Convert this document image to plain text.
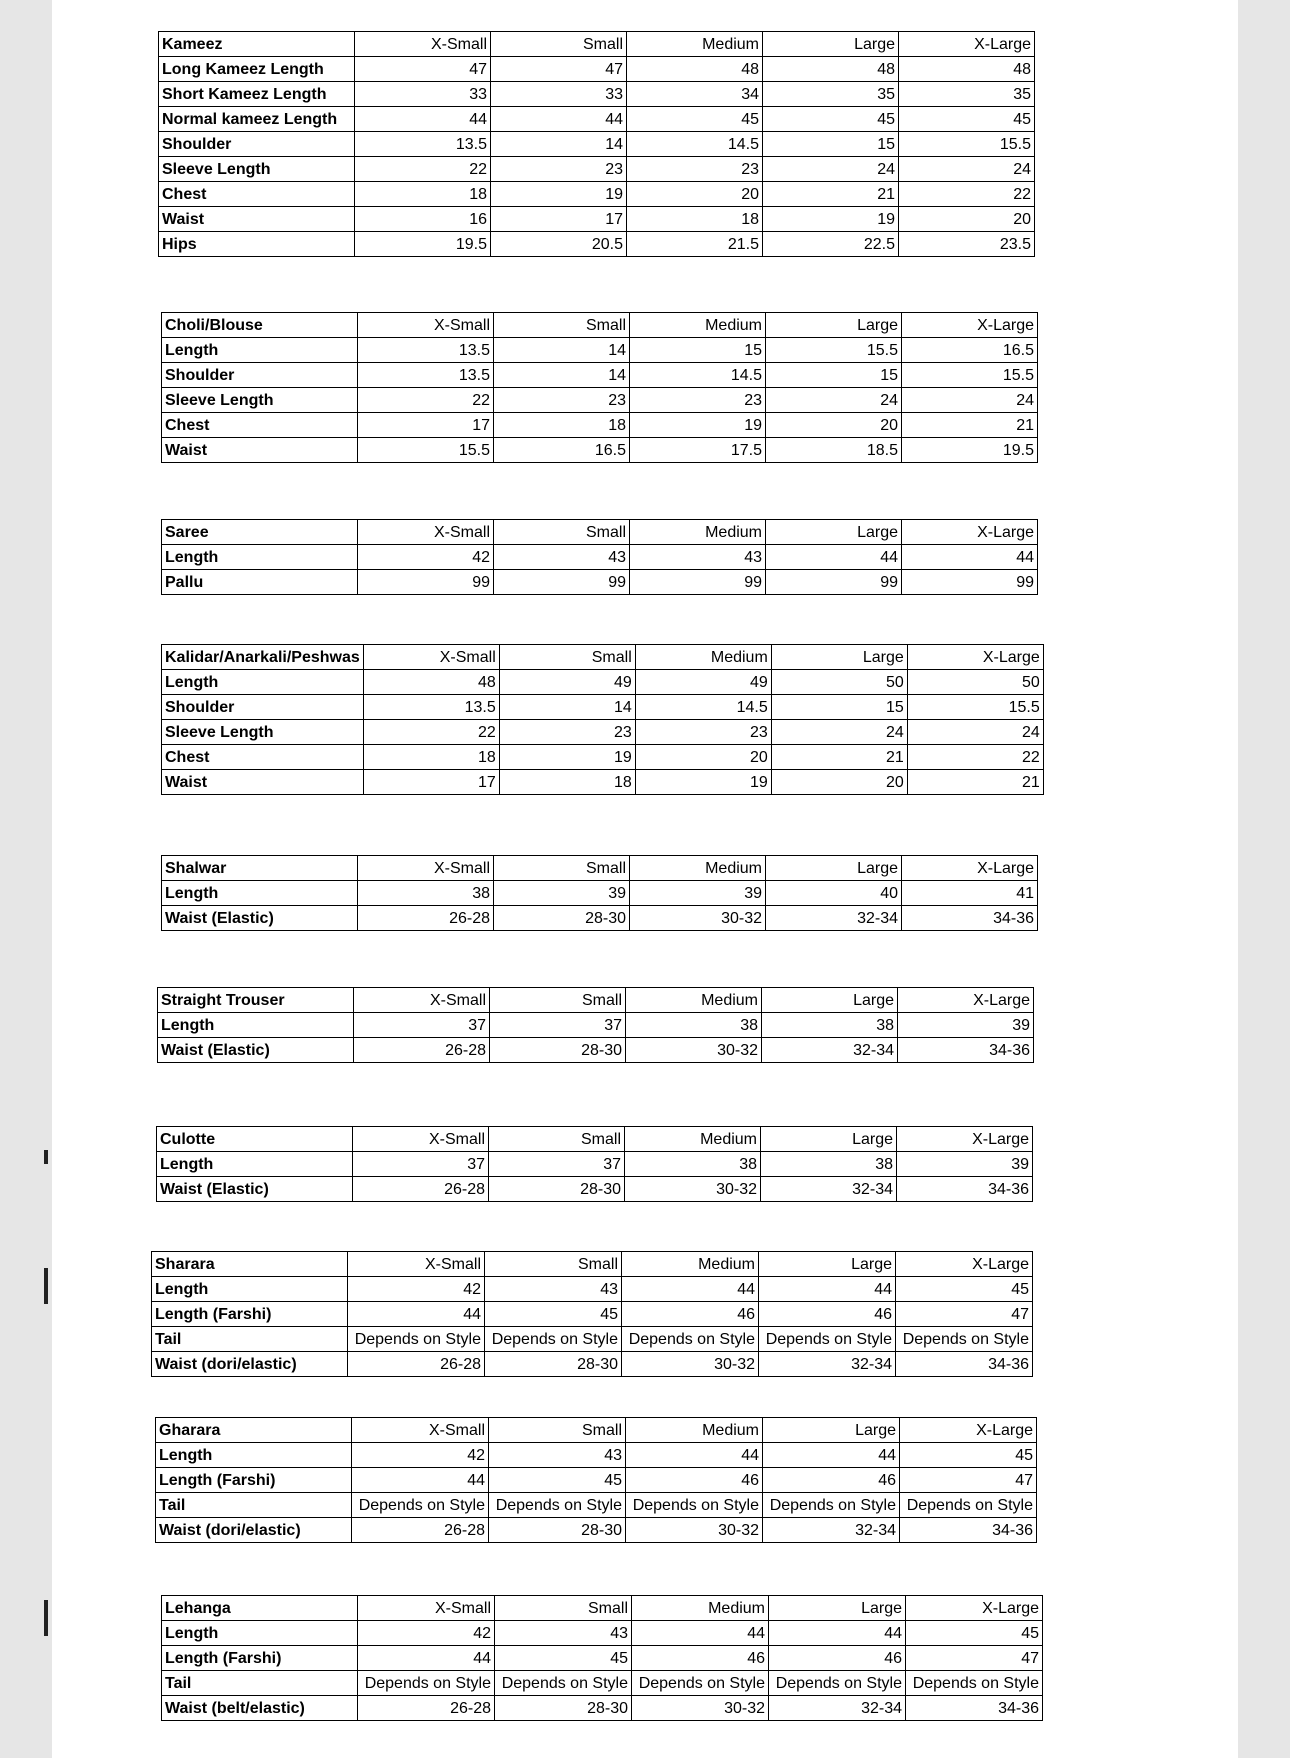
Kameez	X-Small	Small	Medium	Large	X-Large
Long Kameez Length	47	47	48	48	48
Short Kameez Length	33	33	34	35	35
Normal kameez Length	44	44	45	45	45
Shoulder	13.5	14	14.5	15	15.5
Sleeve Length	22	23	23	24	24
Chest	18	19	20	21	22
Waist	16	17	18	19	20
Hips	19.5	20.5	21.5	22.5	23.5
Choli/Blouse	X-Small	Small	Medium	Large	X-Large
Length	13.5	14	15	15.5	16.5
Shoulder	13.5	14	14.5	15	15.5
Sleeve Length	22	23	23	24	24
Chest	17	18	19	20	21
Waist	15.5	16.5	17.5	18.5	19.5
Saree	X-Small	Small	Medium	Large	X-Large
Length	42	43	43	44	44
Pallu	99	99	99	99	99
Kalidar/Anarkali/Peshwas	X-Small	Small	Medium	Large	X-Large
Length	48	49	49	50	50
Shoulder	13.5	14	14.5	15	15.5
Sleeve Length	22	23	23	24	24
Chest	18	19	20	21	22
Waist	17	18	19	20	21
Shalwar	X-Small	Small	Medium	Large	X-Large
Length	38	39	39	40	41
Waist (Elastic)	26-28	28-30	30-32	32-34	34-36
Straight Trouser	X-Small	Small	Medium	Large	X-Large
Length	37	37	38	38	39
Waist (Elastic)	26-28	28-30	30-32	32-34	34-36
Culotte	X-Small	Small	Medium	Large	X-Large
Length	37	37	38	38	39
Waist (Elastic)	26-28	28-30	30-32	32-34	34-36
Sharara	X-Small	Small	Medium	Large	X-Large
Length	42	43	44	44	45
Length (Farshi)	44	45	46	46	47
Tail	Depends on Style	Depends on Style	Depends on Style	Depends on Style	Depends on Style
Waist (dori/elastic)	26-28	28-30	30-32	32-34	34-36
Gharara	X-Small	Small	Medium	Large	X-Large
Length	42	43	44	44	45
Length (Farshi)	44	45	46	46	47
Tail	Depends on Style	Depends on Style	Depends on Style	Depends on Style	Depends on Style
Waist (dori/elastic)	26-28	28-30	30-32	32-34	34-36
Lehanga	X-Small	Small	Medium	Large	X-Large
Length	42	43	44	44	45
Length (Farshi)	44	45	46	46	47
Tail	Depends on Style	Depends on Style	Depends on Style	Depends on Style	Depends on Style
Waist (belt/elastic)	26-28	28-30	30-32	32-34	34-36
